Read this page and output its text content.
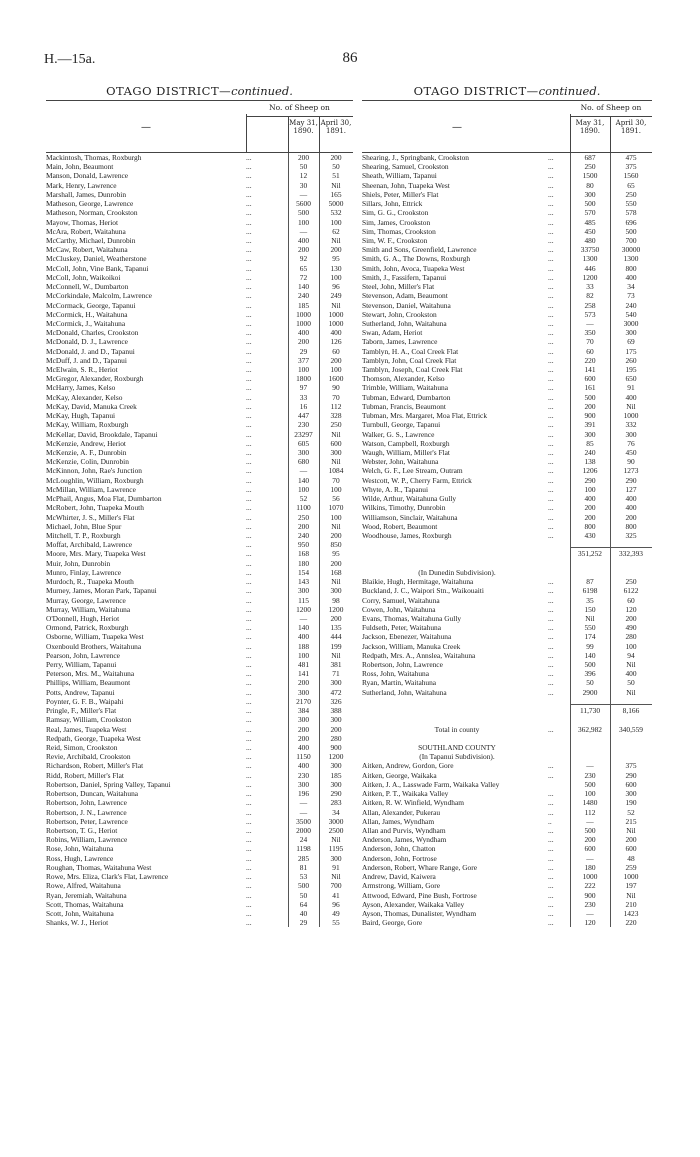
H.—15a.	86
OTAGO DISTRICT—continued.
—
No. of Sheep on
May 31,
1890.
April 30,
1891.
Mackintosh, Thomas, Roxburgh	...	200	200
Main, John, Beaumont	...	50	50
Manson, Donald, Lawrence	...	12	51
Mark, Henry, Lawrence	...	30	Nil
Marshall, James, Dunrobin	...	—	165
Matheson, George, Lawrence	...	5600	5000
Matheson, Norman, Crookston	...	500	532
Mayow, Thomas, Heriot	...	100	100
McAra, Robert, Waitahuna	...	—	62
McCarthy, Michael, Dunrobin	...	400	Nil
McCaw, Robert, Waitahuna	...	200	200
McCluskey, Daniel, Weatherstone	...	92	95
McColl, John, Vine Bank, Tapanui	...	65	130
McColl, John, Waikoikoi	...	72	100
McConnell, W., Dumbarton	...	140	96
McCorkindale, Malcolm, Lawrence	...	240	249
McCormack, George, Tapanui	...	185	Nil
McCormick, H., Waitahuna	...	1000	1000
McCormick, J., Waitahuna	...	1000	1000
McDonald, Charles, Crookston	...	400	400
McDonald, D. J., Lawrence	...	200	126
McDonald, J. and D., Tapanui	...	29	60
McDuff, J. and D., Tapanui	...	377	200
McElwain, S. R., Heriot	...	100	100
McGregor, Alexander, Roxburgh	...	1800	1600
McHarry, James, Kelso	...	97	90
McKay, Alexander, Kelso	...	33	70
McKay, David, Manuka Creek	...	16	112
McKay, Hugh, Tapanui	...	447	328
McKay, William, Roxburgh	...	230	250
McKellar, David, Brookdale, Tapanui	...	23297	Nil
McKenzie, Andrew, Heriot	...	605	600
McKenzie, A. F., Dunrobin	...	300	300
McKenzie, Colin, Dunrobin	...	680	Nil
McKinnon, John, Rae's Junction	...	—	1084
McLoughlin, William, Roxburgh	...	140	70
McMillan, William, Lawrence	...	100	100
McPhail, Angus, Moa Flat, Dumbarton	...	52	56
McRobert, John, Tuapeka Mouth	...	1100	1070
McWhirter, J. S., Miller's Flat	...	250	100
Michael, John, Blue Spur	...	200	Nil
Mitchell, T. P., Roxburgh	...	240	200
Moffat, Archibald, Lawrence	...	950	850
Moore, Mrs. Mary, Tuapeka West	...	168	95
Muir, John, Dunrobin	...	180	200
Munro, Finlay, Lawrence	...	154	168
Murdoch, R., Tuapeka Mouth	...	143	Nil
Murney, James, Moran Park, Tapanui	...	300	300
Murray, George, Lawrence	...	115	98
Murray, William, Waitahuna	...	1200	1200
O'Donnell, Hugh, Heriot	...	—	200
Ormond, Patrick, Roxburgh	...	140	135
Osborne, William, Tuapeka West	...	400	444
Oxenbould Brothers, Waitahuna	...	188	199
Pearson, John, Lawrence	...	100	Nil
Perry, William, Tapanui	...	481	381
Peterson, Mrs. M., Waitahuna	...	141	71
Phillips, William, Beaumont	...	200	300
Potts, Andrew, Tapanui	...	300	472
Poynter, G. F. B., Waipahi	...	2170	326
Pringle, F., Miller's Flat	...	384	388
Ramsay, William, Crookston	...	300	300
Real, James, Tuapeka West	...	200	200
Redpath, George, Tuapeka West	...	200	280
Reid, Simon, Crookston	...	400	900
Revie, Archibald, Crookston	...	1150	1200
Richardson, Robert, Miller's Flat	...	400	300
Ridd, Robert, Miller's Flat	...	230	185
Robertson, Daniel, Spring Valley, Tapanui	...	300	300
Robertson, Duncan, Waitahuna	...	196	290
Robertson, John, Lawrence	...	—	283
Robertson, J. N., Lawrence	...	—	34
Robertson, Peter, Lawrence	...	3500	3000
Robertson, T. G., Heriot	...	2000	2500
Robins, William, Lawrence	...	24	Nil
Rose, John, Waitahuna	...	1198	1195
Ross, Hugh, Lawrence	...	285	300
Roughan, Thomas, Waitahuna West	...	81	91
Rowe, Mrs. Eliza, Clark's Flat, Lawrence	...	53	Nil
Rowe, Alfred, Waitahuna	...	500	700
Ryan, Jeremiah, Waitahuna	...	50	41
Scott, Thomas, Waitahuna	...	64	96
Scott, John, Waitahuna	...	40	49
Shanks, W. J., Heriot	...	29	55
OTAGO DISTRICT—continued.
—
No. of Sheep on
May 31,
1890.
April 30,
1891.
Shearing, J., Springbank, Crookston	...	687	475
Shearing, Samuel, Crookston	...	250	375
Sheath, William, Tapanui	...	1500	1560
Sheenan, John, Tuapeka West	...	80	65
Shiels, Peter, Miller's Flat	...	300	250
Sillars, John, Ettrick	...	500	550
Sim, G. G., Crookston	...	570	578
Sim, James, Crookston	...	485	696
Sim, Thomas, Crookston	...	450	500
Sim, W. F., Crookston	...	480	700
Smith and Sons, Greenfield, Lawrence	...	33750	30000
Smith, G. A., The Downs, Roxburgh	...	1300	1300
Smith, John, Avoca, Tuapeka West	...	446	800
Smith, J., Fassifern, Tapanui	...	1200	400
Steel, John, Miller's Flat	...	33	34
Stevenson, Adam, Beaumont	...	82	73
Stevenson, Daniel, Waitahuna	...	258	240
Stewart, John, Crookston	...	573	540
Sutherland, John, Waitahuna	...	—	3000
Swan, Adam, Heriot	...	350	300
Taborn, James, Lawrence	...	70	69
Tamblyn, H. A., Coal Creek Flat	...	60	175
Tamblyn, John, Coal Creek Flat	...	220	260
Tamblyn, Joseph, Coal Creek Flat	...	141	195
Thomson, Alexander, Kelso	...	600	650
Trimble, William, Waitahuna	...	161	91
Tubman, Edward, Dumbarton	...	500	400
Tubman, Francis, Beaumont	...	200	Nil
Tubman, Mrs. Margaret, Moa Flat, Ettrick	...	900	1000
Turnbull, George, Tapanui	...	391	332
Walker, G. S., Lawrence	...	300	300
Watson, Campbell, Roxburgh	...	85	76
Waugh, William, Miller's Flat	...	240	450
Webster, John, Waitahuna	...	138	90
Welch, G. F., Lee Stream, Outram	...	1206	1273
Westcott, W. P., Cherry Farm, Ettrick	...	290	290
Whyte, A. R., Tapanui	...	100	127
Wilde, Arthur, Waitahuna Gully	...	400	400
Wilkins, Timothy, Dunrobin	...	200	400
Williamson, Sinclair, Waitahuna	...	200	200
Wood, Robert, Beaumont	...	800	800
Woodhouse, James, Roxburgh	...	430	325
351,252	332,393
(In Dunedin Subdivision).
Blaikie, Hugh, Hermitage, Waitahuna	...	87	250
Buckland, J. C., Waipori Stn., Waikouaiti	...	6198	6122
Corry, Samuel, Waitahuna	...	35	60
Cowen, John, Waitahuna	...	150	120
Evans, Thomas, Waitahuna Gully	...	Nil	200
Fuldseth, Peter, Waitahuna	...	550	490
Jackson, Ebenezer, Waitahuna	...	174	280
Jackson, William, Manuka Creek	...	99	100
Redpath, Mrs. A., Annsleа, Waitahuna	...	140	94
Robertson, John, Lawrence	...	500	Nil
Ross, John, Waitahuna	...	396	400
Ryan, Martin, Waitahuna	...	50	50
Sutherland, John, Waitahuna	...	2900	Nil
11,730	8,166
Total in county	...	362,982	340,559
SOUTHLAND COUNTY
(In Tapanui Subdivision).
Aitken, Andrew, Gordon, Gore	...	—	375
Aitken, George, Waikaka	...	230	290
Aitken, J. A., Lasswade Farm, Waikaka Valley	500	600
Aitken, P. T., Waikaka Valley	...	100	300
Aitken, R. W. Winfield, Wyndham	...	1480	190
Allan, Alexander, Pukerau	...	112	52
Allan, James, Wyndham	..	—	215
Allan and Purvis, Wyndham	...	500	Nil
Anderson, James, Wyndham	...	200	200
Anderson, John, Chatton	...	600	600
Anderson, John, Fortrose	...	—	48
Anderson, Robert, Whare Range, Gore	...	180	259
Andrew, David, Kaiwera	...	1000	1000
Armstrong, William, Gore	...	222	197
Attwood, Edward, Pine Bush, Fortrose	...	900	Nil
Ayson, Alexander, Waikaka Valley	...	230	210
Ayson, Thomas, Dunalister, Wyndham	...	—	1423
Baird, George, Gore	...	120	220
